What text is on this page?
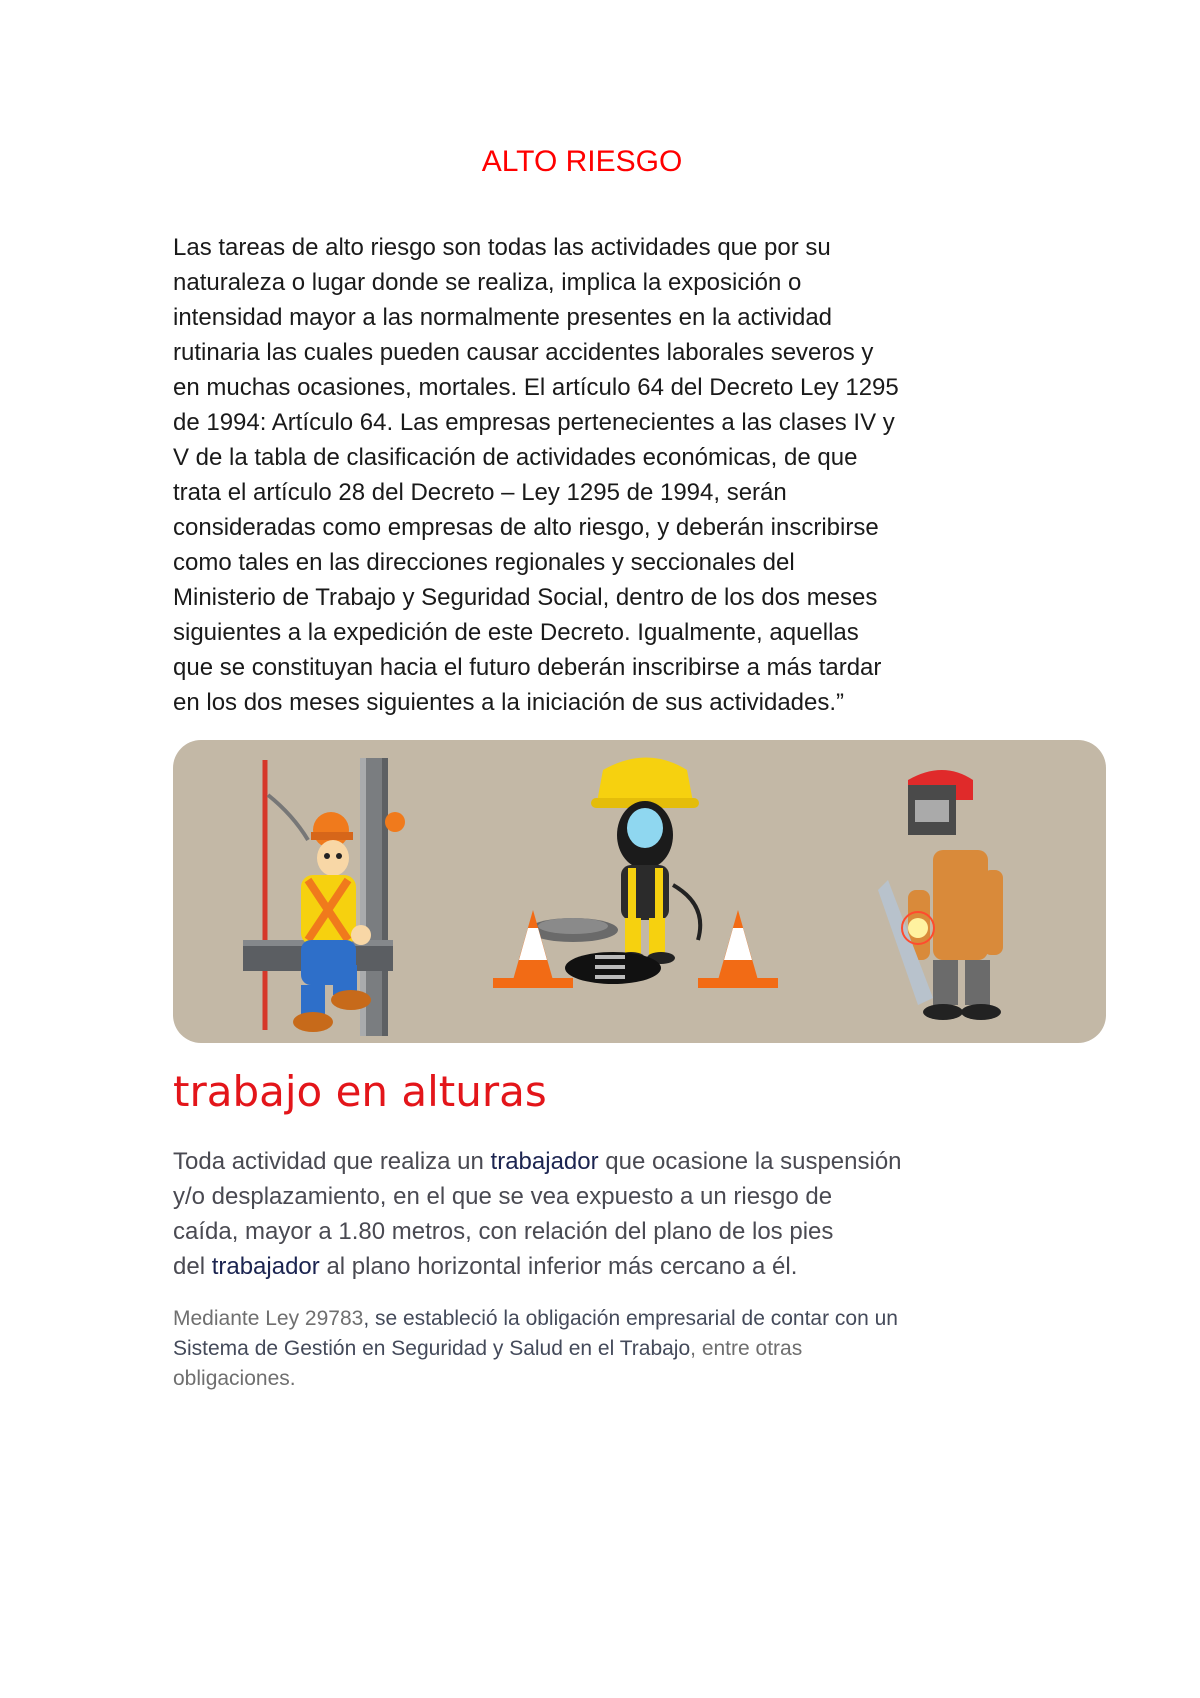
ALTO RIESGO

Las tareas de alto riesgo son todas las actividades que por su
naturaleza o lugar donde se realiza, implica la exposición o
intensidad mayor a las normalmente presentes en la actividad
rutinaria las cuales pueden causar accidentes laborales severos y
en muchas ocasiones, mortales. El artículo 64 del Decreto Ley 1295
de 1994: Artículo 64. Las empresas pertenecientes a las clases IV y
V de la tabla de clasificación de actividades económicas, de que
trata el artículo 28 del Decreto – Ley 1295 de 1994, serán
consideradas como empresas de alto riesgo, y deberán inscribirse
como tales en las direcciones regionales y seccionales del
Ministerio de Trabajo y Seguridad Social, dentro de los dos meses
siguientes a la expedición de este Decreto. Igualmente, aquellas
que se constituyan hacia el futuro deberán inscribirse a más tardar
en los dos meses siguientes a la iniciación de sus actividades.”

trabajo en alturas

Toda actividad que realiza un trabajador que ocasione la suspensión
y/o desplazamiento, en el que se vea expuesto a un riesgo de
caída, mayor a 1.80 metros, con relación del plano de los pies
del trabajador al plano horizontal inferior más cercano a él.

Mediante Ley 29783, se estableció la obligación empresarial de contar con un
Sistema de Gestión en Seguridad y Salud en el Trabajo, entre otras
obligaciones.
